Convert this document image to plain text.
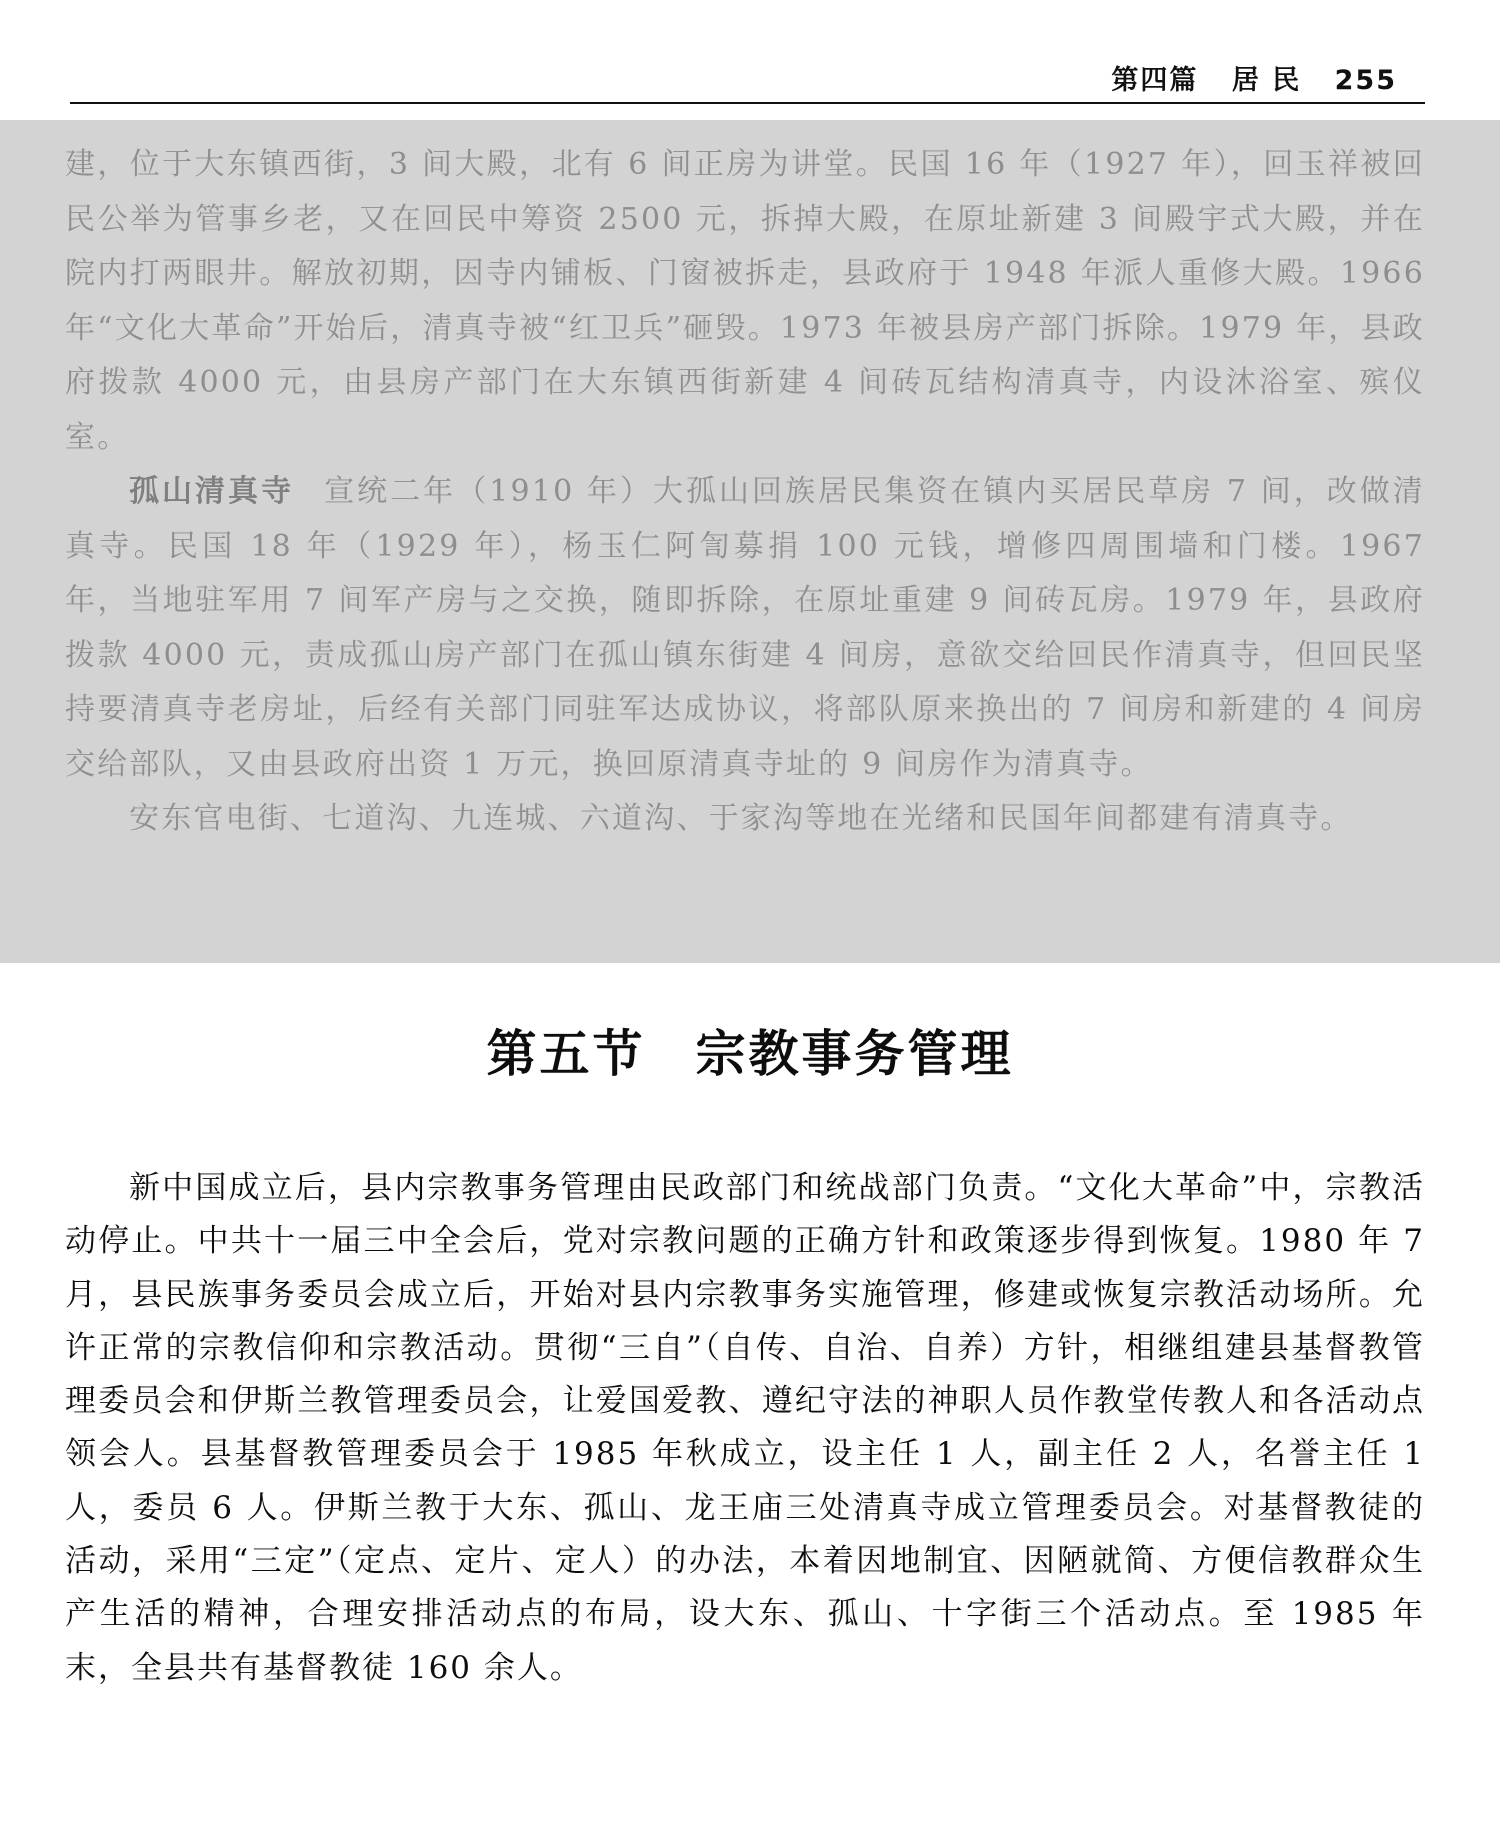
第四篇 居 民 255

建，位于大东镇西街，3 间大殿，北有 6 间正房为讲堂。民国 16 年（1927 年），回玉祥被回民公举为管事乡老，又在回民中筹资 2500 元，拆掉大殿，在原址新建 3 间殿宇式大殿，并在院内打两眼井。解放初期，因寺内铺板、门窗被拆走，县政府于 1948 年派人重修大殿。1966 年“文化大革命”开始后，清真寺被“红卫兵”砸毁。1973 年被县房产部门拆除。1979 年，县政府拨款 4000 元，由县房产部门在大东镇西街新建 4 间砖瓦结构清真寺，内设沐浴室、殡仪室。

孤山清真寺 宣统二年（1910 年）大孤山回族居民集资在镇内买居民草房 7 间，改做清真寺。民国 18 年（1929 年），杨玉仁阿訇募捐 100 元钱，增修四周围墙和门楼。1967 年，当地驻军用 7 间军产房与之交换，随即拆除，在原址重建 9 间砖瓦房。1979 年，县政府拨款 4000 元，责成孤山房产部门在孤山镇东街建 4 间房，意欲交给回民作清真寺，但回民坚持要清真寺老房址，后经有关部门同驻军达成协议，将部队原来换出的 7 间房和新建的 4 间房交给部队，又由县政府出资 1 万元，换回原清真寺址的 9 间房作为清真寺。

安东官电街、七道沟、九连城、六道沟、于家沟等地在光绪和民国年间都建有清真寺。

第五节 宗教事务管理

新中国成立后，县内宗教事务管理由民政部门和统战部门负责。“文化大革命”中，宗教活动停止。中共十一届三中全会后，党对宗教问题的正确方针和政策逐步得到恢复。1980 年 7 月，县民族事务委员会成立后，开始对县内宗教事务实施管理，修建或恢复宗教活动场所。允许正常的宗教信仰和宗教活动。贯彻“三自”（自传、自治、自养）方针，相继组建县基督教管理委员会和伊斯兰教管理委员会，让爱国爱教、遵纪守法的神职人员作教堂传教人和各活动点领会人。县基督教管理委员会于 1985 年秋成立，设主任 1 人，副主任 2 人，名誉主任 1 人，委员 6 人。伊斯兰教于大东、孤山、龙王庙三处清真寺成立管理委员会。对基督教徒的活动，采用“三定”（定点、定片、定人）的办法，本着因地制宜、因陋就简、方便信教群众生产生活的精神，合理安排活动点的布局，设大东、孤山、十字街三个活动点。至 1985 年末，全县共有基督教徒 160 余人。
